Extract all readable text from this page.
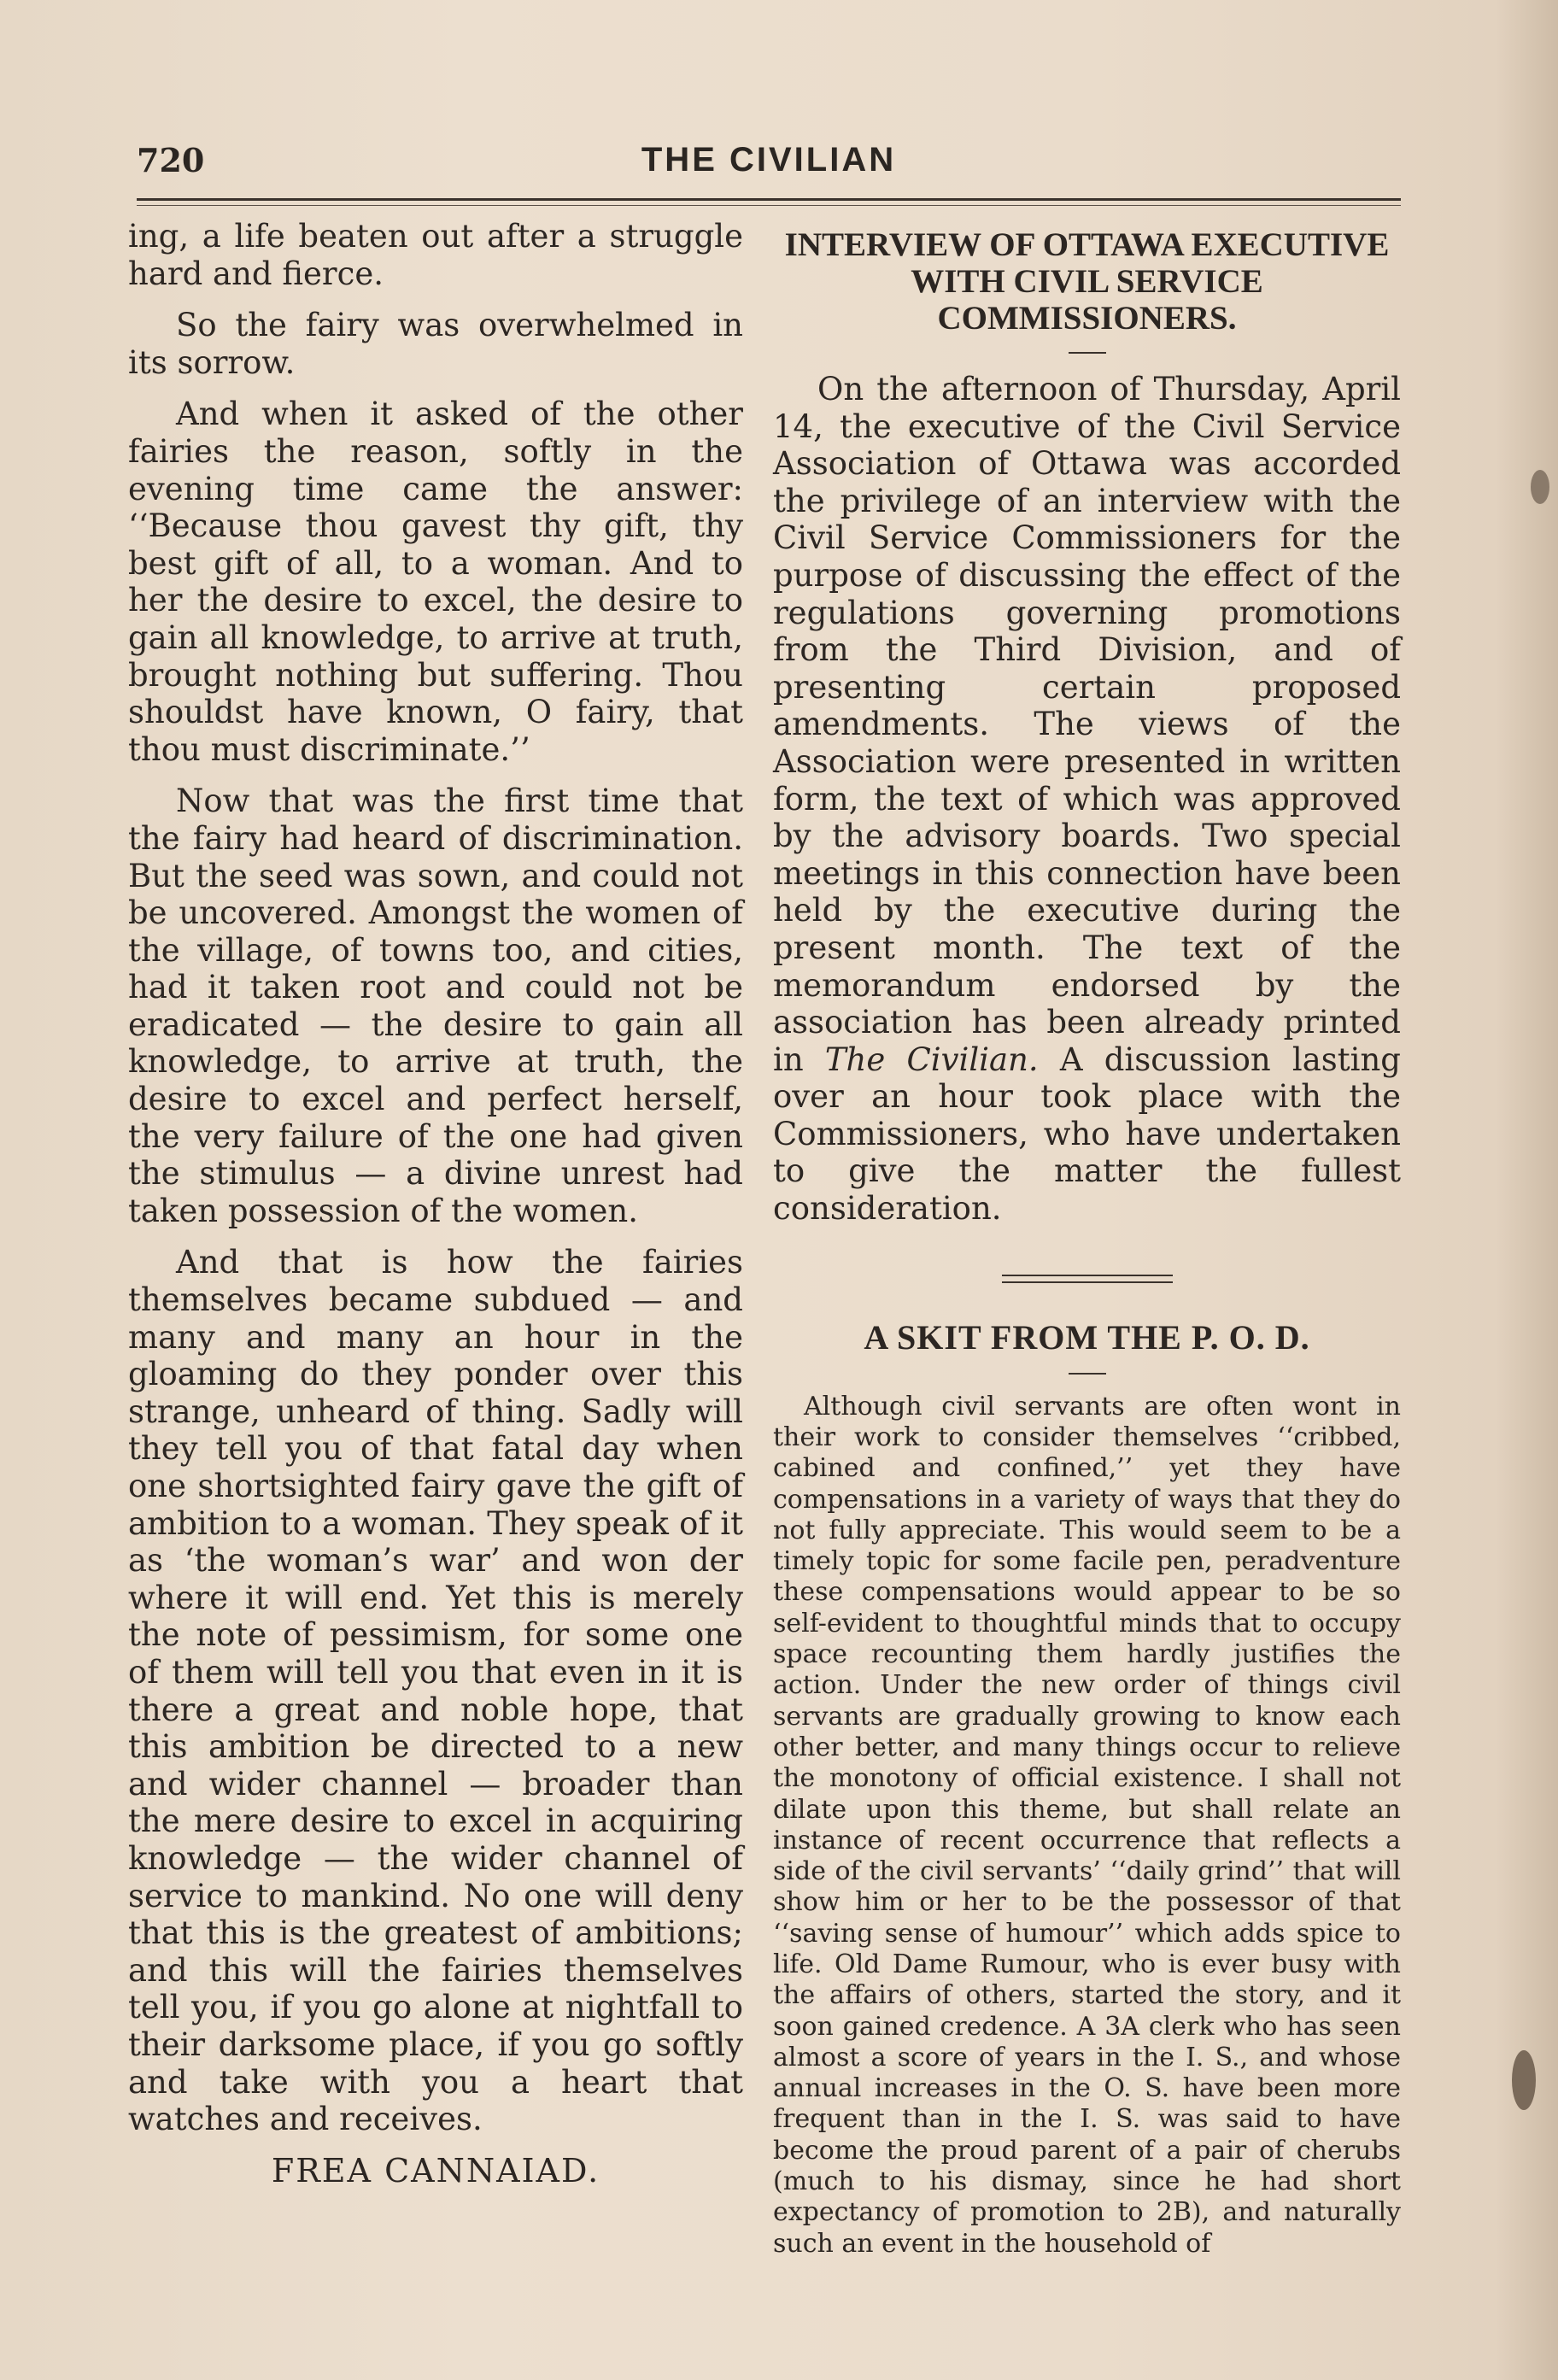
720	THE CIVILIAN

ing, a life beaten out after a struggle hard and fierce.

So the fairy was overwhelmed in its sorrow.

And when it asked of the other fairies the reason, softly in the evening time came the answer: ‘‘Because thou gavest thy gift, thy best gift of all, to a woman. And to her the desire to excel, the desire to gain all knowledge, to arrive at truth, brought nothing but suffering. Thou shouldst have known, O fairy, that thou must discriminate.’’

Now that was the first time that the fairy had heard of discrimination. But the seed was sown, and could not be uncovered. Amongst the women of the village, of towns too, and cities, had it taken root and could not be eradicated — the desire to gain all knowledge, to arrive at truth, the desire to excel and perfect herself, the very failure of the one had given the stimulus — a divine unrest had taken possession of the women.

And that is how the fairies themselves became subdued — and many and many an hour in the gloaming do they ponder over this strange, unheard of thing. Sadly will they tell you of that fatal day when one shortsighted fairy gave the gift of ambition to a woman. They speak of it as ‘the woman’s war’ and won der where it will end. Yet this is merely the note of pessimism, for some one of them will tell you that even in it is there a great and noble hope, that this ambition be directed to a new and wider channel — broader than the mere desire to excel in acquiring knowledge — the wider channel of service to mankind. No one will deny that this is the greatest of ambitions; and this will the fairies themselves tell you, if you go alone at nightfall to their darksome place, if you go softly and take with you a heart that watches and receives.

FREA CANNAIAD.
INTERVIEW OF OTTAWA EXECUTIVE WITH CIVIL SERVICE COMMISSIONERS.

On the afternoon of Thursday, April 14, the executive of the Civil Service Association of Ottawa was accorded the privilege of an interview with the Civil Service Commissioners for the purpose of discussing the effect of the regulations governing promotions from the Third Division, and of presenting certain proposed amendments. The views of the Association were presented in written form, the text of which was approved by the advisory boards. Two special meetings in this connection have been held by the executive during the present month. The text of the memorandum endorsed by the association has been already printed in The Civilian. A discussion lasting over an hour took place with the Commissioners, who have undertaken to give the matter the fullest consideration.

A SKIT FROM THE P. O. D.

Although civil servants are often wont in their work to consider themselves ‘‘cribbed, cabined and confined,’’ yet they have compensations in a variety of ways that they do not fully appreciate. This would seem to be a timely topic for some facile pen, peradventure these compensations would appear to be so self-evident to thoughtful minds that to occupy space recounting them hardly justifies the action. Under the new order of things civil servants are gradually growing to know each other better, and many things occur to relieve the monotony of official existence. I shall not dilate upon this theme, but shall relate an instance of recent occurrence that reflects a side of the civil servants’ ‘‘daily grind’’ that will show him or her to be the possessor of that ‘‘saving sense of humour’’ which adds spice to life. Old Dame Rumour, who is ever busy with the affairs of others, started the story, and it soon gained credence. A 3A clerk who has seen almost a score of years in the I. S., and whose annual increases in the O. S. have been more frequent than in the I. S. was said to have become the proud parent of a pair of cherubs (much to his dismay, since he had short expectancy of promotion to 2B), and naturally such an event in the household of
